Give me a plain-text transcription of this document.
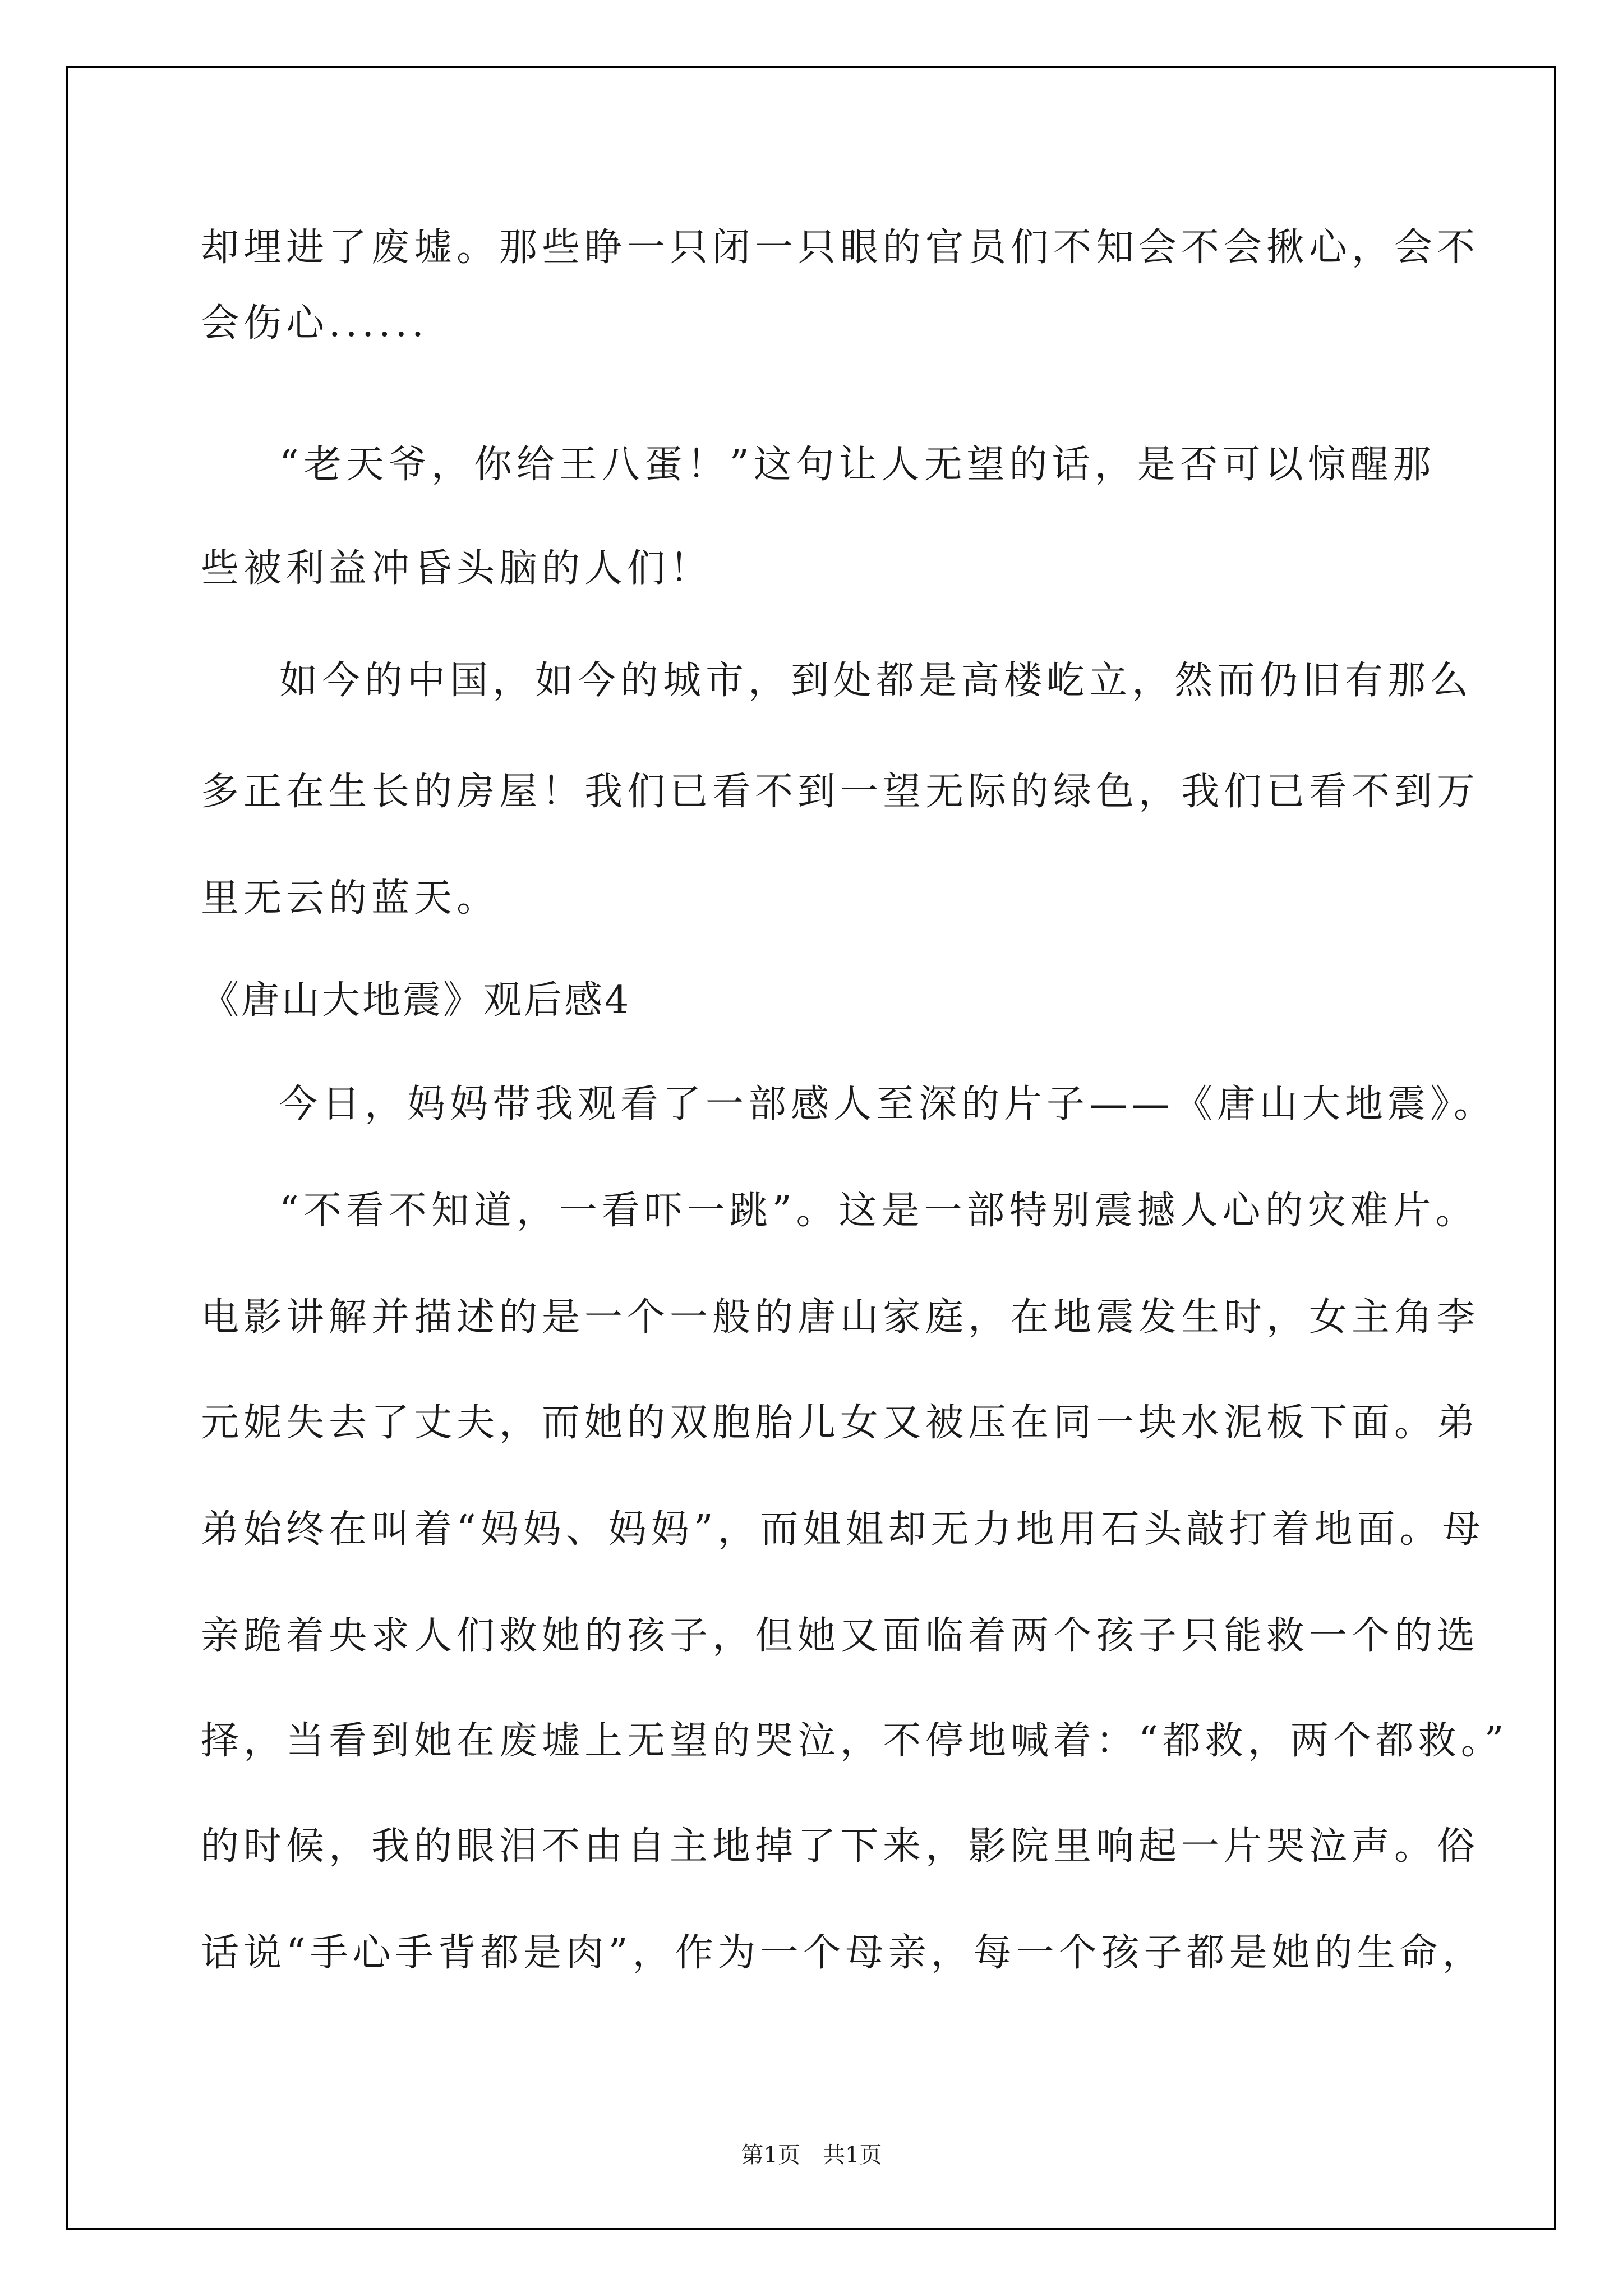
却埋进了废墟。那些睁一只闭一只眼的官员们不知会不会揪心，会不

会伤心......

“老天爷，你给王八蛋！”这句让人无望的话，是否可以惊醒那

些被利益冲昏头脑的人们！

如今的中国，如今的城市，到处都是高楼屹立，然而仍旧有那么

多正在生长的房屋！我们已看不到一望无际的绿色，我们已看不到万

里无云的蓝天。

《唐山大地震》观后感4

今日，妈妈带我观看了一部感人至深的片子——《唐山大地震》。

“不看不知道，一看吓一跳”。这是一部特别震撼人心的灾难片。

电影讲解并描述的是一个一般的唐山家庭，在地震发生时，女主角李

元妮失去了丈夫，而她的双胞胎儿女又被压在同一块水泥板下面。弟

弟始终在叫着“妈妈、妈妈”，而姐姐却无力地用石头敲打着地面。母

亲跪着央求人们救她的孩子，但她又面临着两个孩子只能救一个的选

择，当看到她在废墟上无望的哭泣，不停地喊着：“都救，两个都救。”

的时候，我的眼泪不由自主地掉了下来，影院里响起一片哭泣声。俗

话说“手心手背都是肉”，作为一个母亲，每一个孩子都是她的生命，

第1页　共1页
